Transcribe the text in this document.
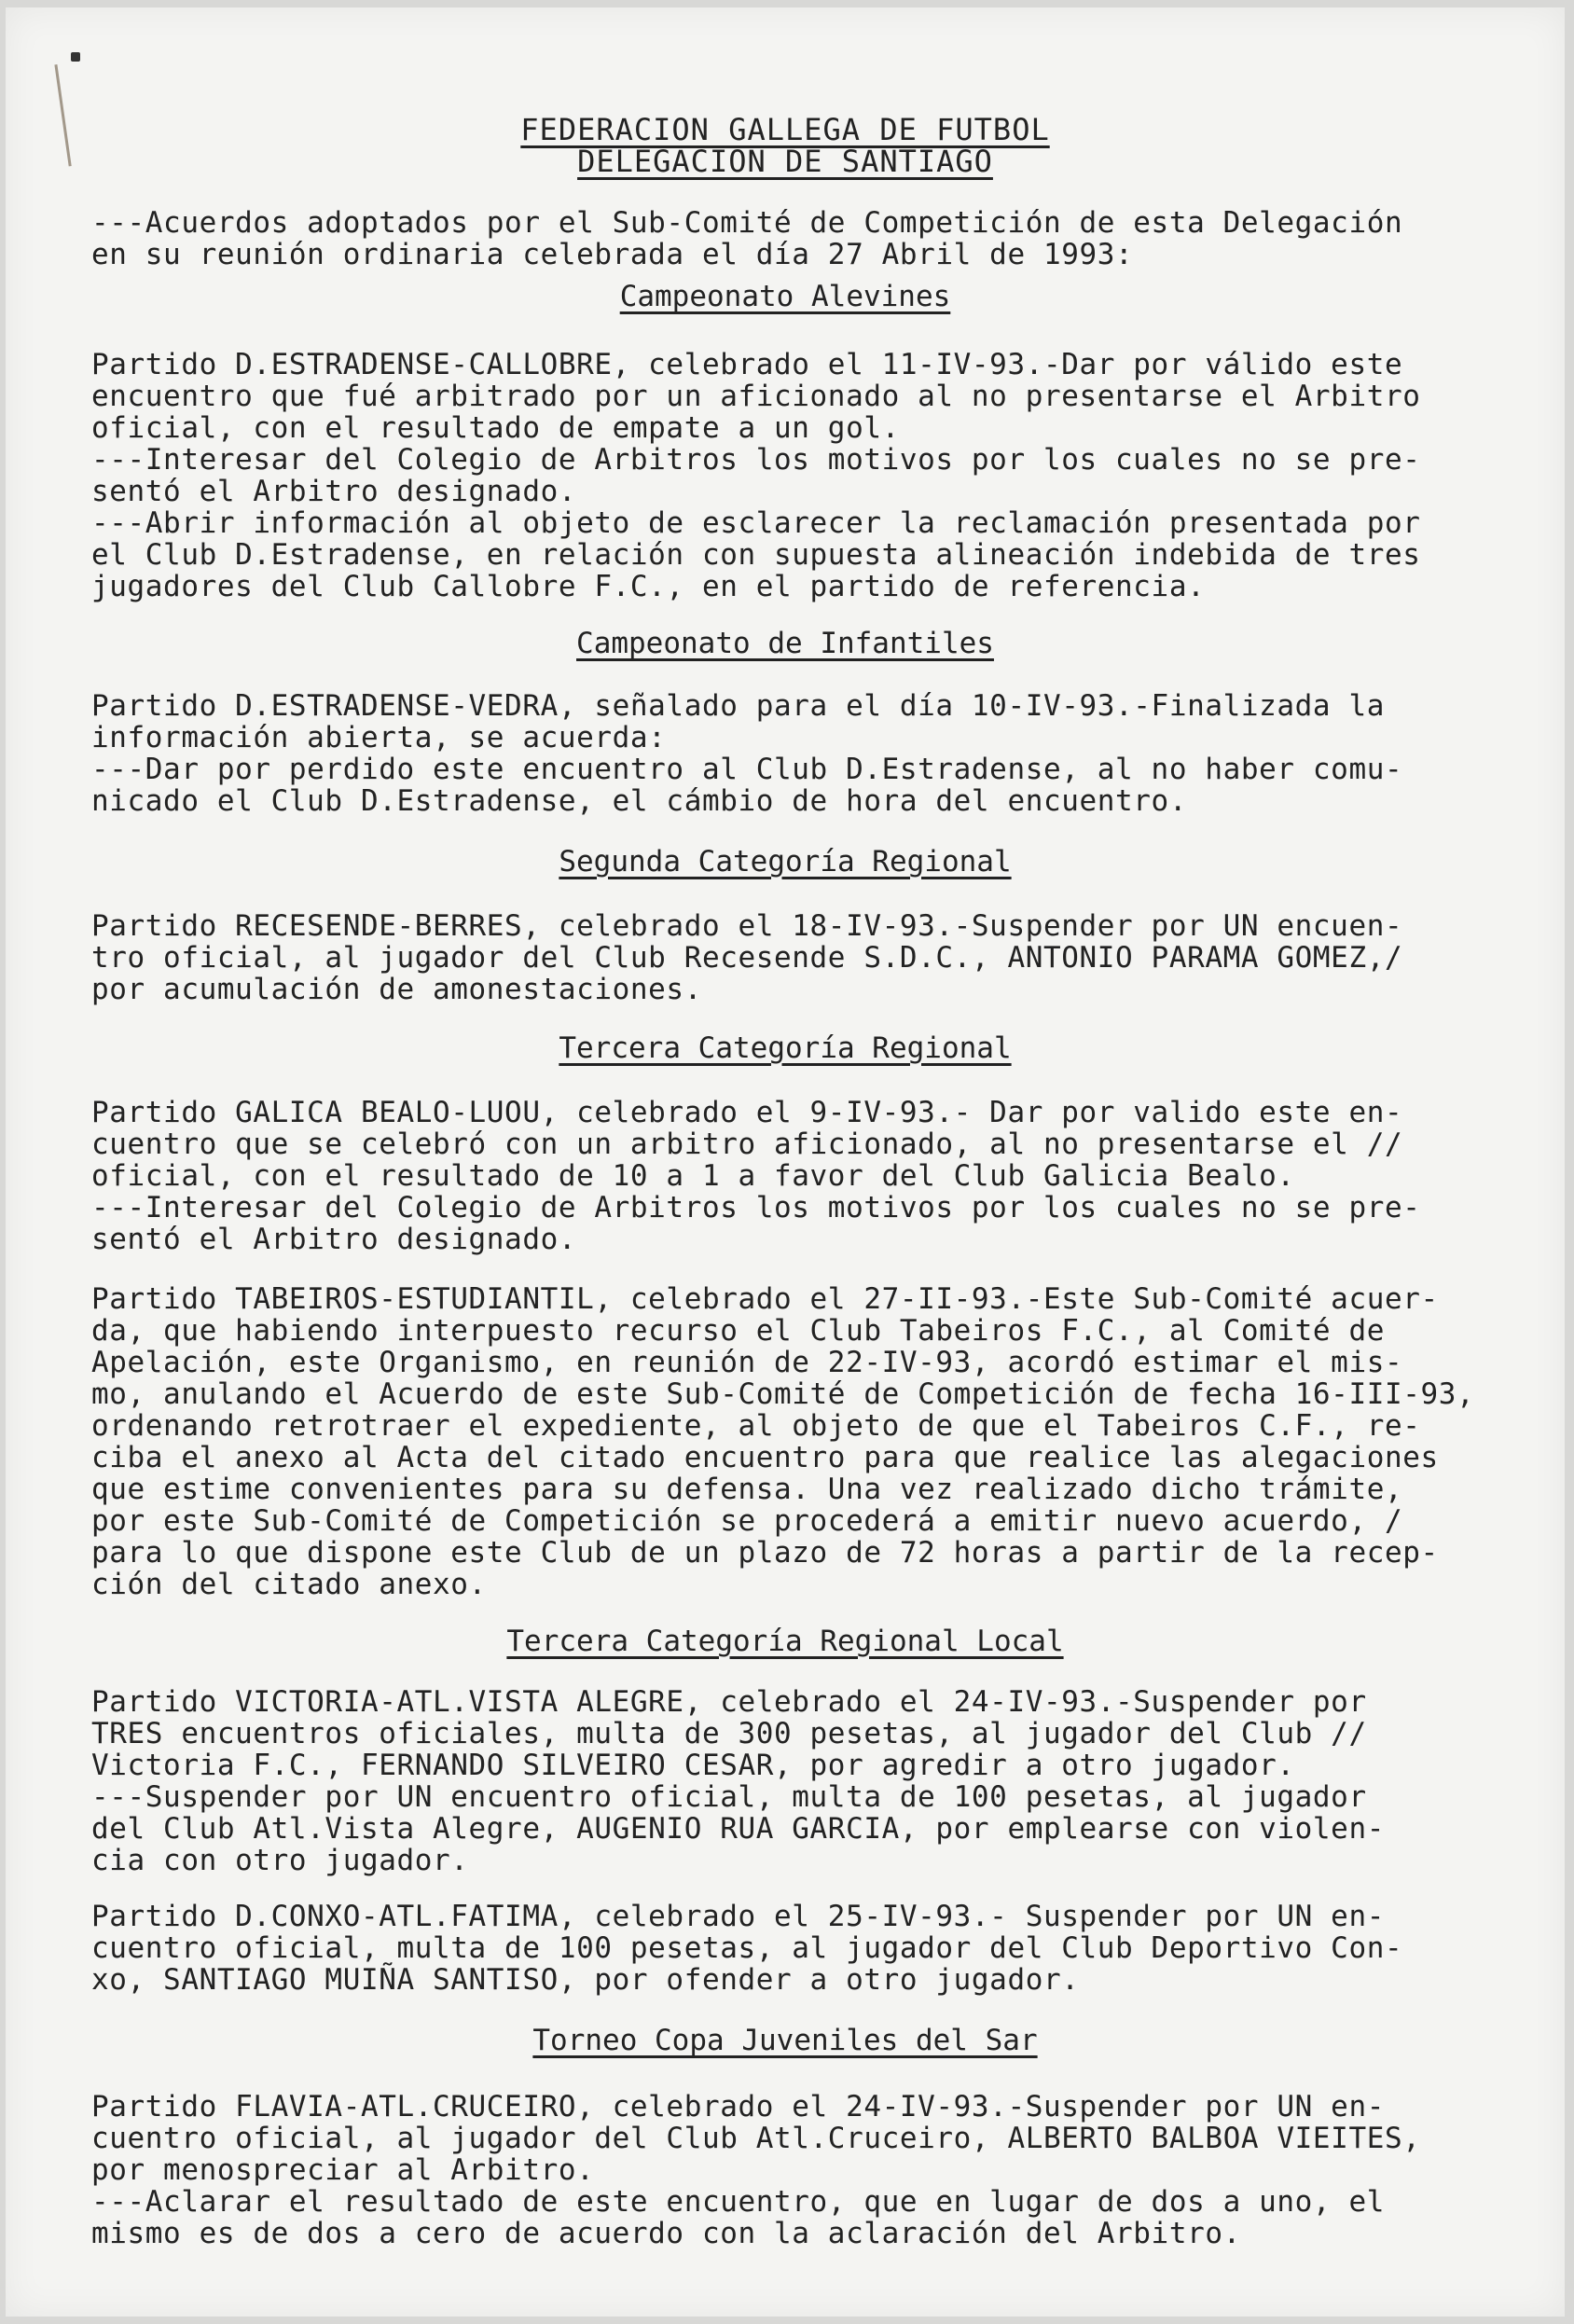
FEDERACION GALLEGA DE FUTBOL
DELEGACION DE SANTIAGO
---Acuerdos adoptados por el Sub-Comité de Competición de esta Delegación
en su reunión ordinaria celebrada el día 27 Abril de 1993:
Campeonato Alevines
Partido D.ESTRADENSE-CALLOBRE, celebrado el 11-IV-93.-Dar por válido este
encuentro que fué arbitrado por un aficionado al no presentarse el Arbitro
oficial, con el resultado de empate a un gol.
---Interesar del Colegio de Arbitros los motivos por los cuales no se pre-
sentó el Arbitro designado.
---Abrir información al objeto de esclarecer la reclamación presentada por
el Club D.Estradense, en relación con supuesta alineación indebida de tres
jugadores del Club Callobre F.C., en el partido de referencia.
Campeonato de Infantiles
Partido D.ESTRADENSE-VEDRA, señalado para el día 10-IV-93.-Finalizada la
información abierta, se acuerda:
---Dar por perdido este encuentro al Club D.Estradense, al no haber comu-
nicado el Club D.Estradense, el cámbio de hora del encuentro.
Segunda Categoría Regional
Partido RECESENDE-BERRES, celebrado el 18-IV-93.-Suspender por UN encuen-
tro oficial, al jugador del Club Recesende S.D.C., ANTONIO PARAMA GOMEZ,/
por acumulación de amonestaciones.
Tercera Categoría Regional
Partido GALICA BEALO-LUOU, celebrado el 9-IV-93.- Dar por valido este en-
cuentro que se celebró con un arbitro aficionado, al no presentarse el //
oficial, con el resultado de 10 a 1 a favor del Club Galicia Bealo.
---Interesar del Colegio de Arbitros los motivos por los cuales no se pre-
sentó el Arbitro designado.
Partido TABEIROS-ESTUDIANTIL, celebrado el 27-II-93.-Este Sub-Comité acuer-
da, que habiendo interpuesto recurso el Club Tabeiros F.C., al Comité de
Apelación, este Organismo, en reunión de 22-IV-93, acordó estimar el mis-
mo, anulando el Acuerdo de este Sub-Comité de Competición de fecha 16-III-93,
ordenando retrotraer el expediente, al objeto de que el Tabeiros C.F., re-
ciba el anexo al Acta del citado encuentro para que realice las alegaciones
que estime convenientes para su defensa. Una vez realizado dicho trámite,
por este Sub-Comité de Competición se procederá a emitir nuevo acuerdo, /
para lo que dispone este Club de un plazo de 72 horas a partir de la recep-
ción del citado anexo.
Tercera Categoría Regional Local
Partido VICTORIA-ATL.VISTA ALEGRE, celebrado el 24-IV-93.-Suspender por
TRES encuentros oficiales, multa de 300 pesetas, al jugador del Club //
Victoria F.C., FERNANDO SILVEIRO CESAR, por agredir a otro jugador.
---Suspender por UN encuentro oficial, multa de 100 pesetas, al jugador
del Club Atl.Vista Alegre, AUGENIO RUA GARCIA, por emplearse con violen-
cia con otro jugador.
Partido D.CONXO-ATL.FATIMA, celebrado el 25-IV-93.- Suspender por UN en-
cuentro oficial, multa de 100 pesetas, al jugador del Club Deportivo Con-
xo, SANTIAGO MUIÑA SANTISO, por ofender a otro jugador.
Torneo Copa Juveniles del Sar
Partido FLAVIA-ATL.CRUCEIRO, celebrado el 24-IV-93.-Suspender por UN en-
cuentro oficial, al jugador del Club Atl.Cruceiro, ALBERTO BALBOA VIEITES,
por menospreciar al Arbitro.
---Aclarar el resultado de este encuentro, que en lugar de dos a uno, el
mismo es de dos a cero de acuerdo con la aclaración del Arbitro.
